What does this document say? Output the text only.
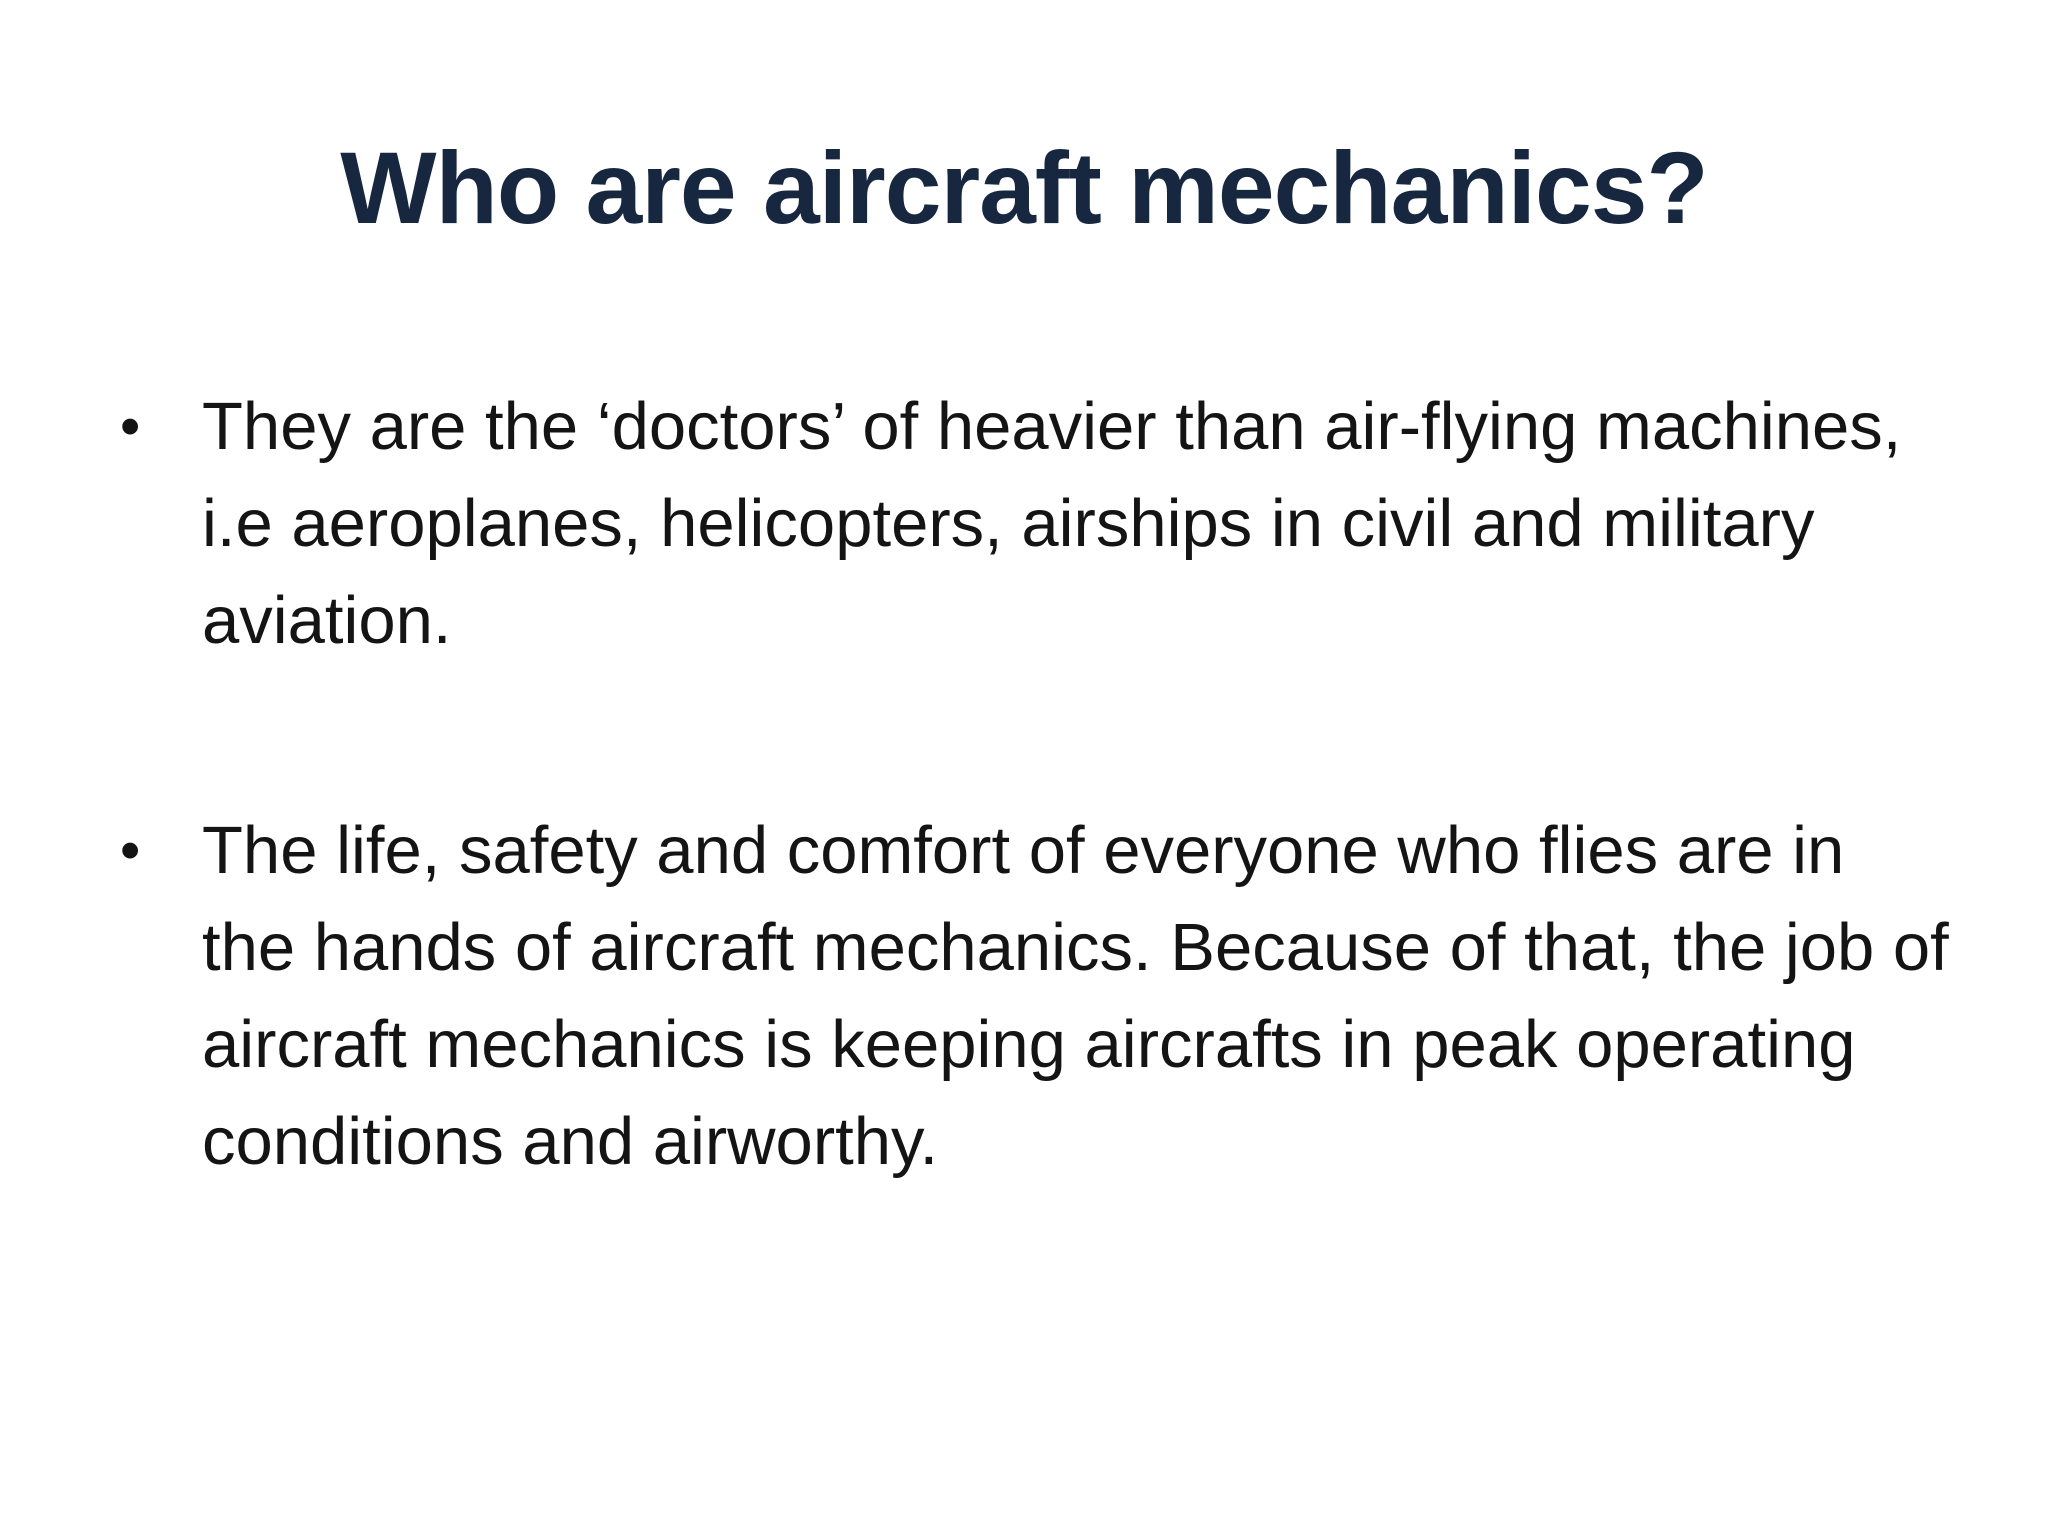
Who are aircraft mechanics?
• They are the ‘doctors’ of heavier than air-flying machines, i.e aeroplanes, helicopters, airships in civil and military aviation.
• The life, safety and comfort of everyone who flies are in the hands of aircraft mechanics. Because of that, the job of aircraft mechanics is keeping aircrafts in peak operating conditions and airworthy.
